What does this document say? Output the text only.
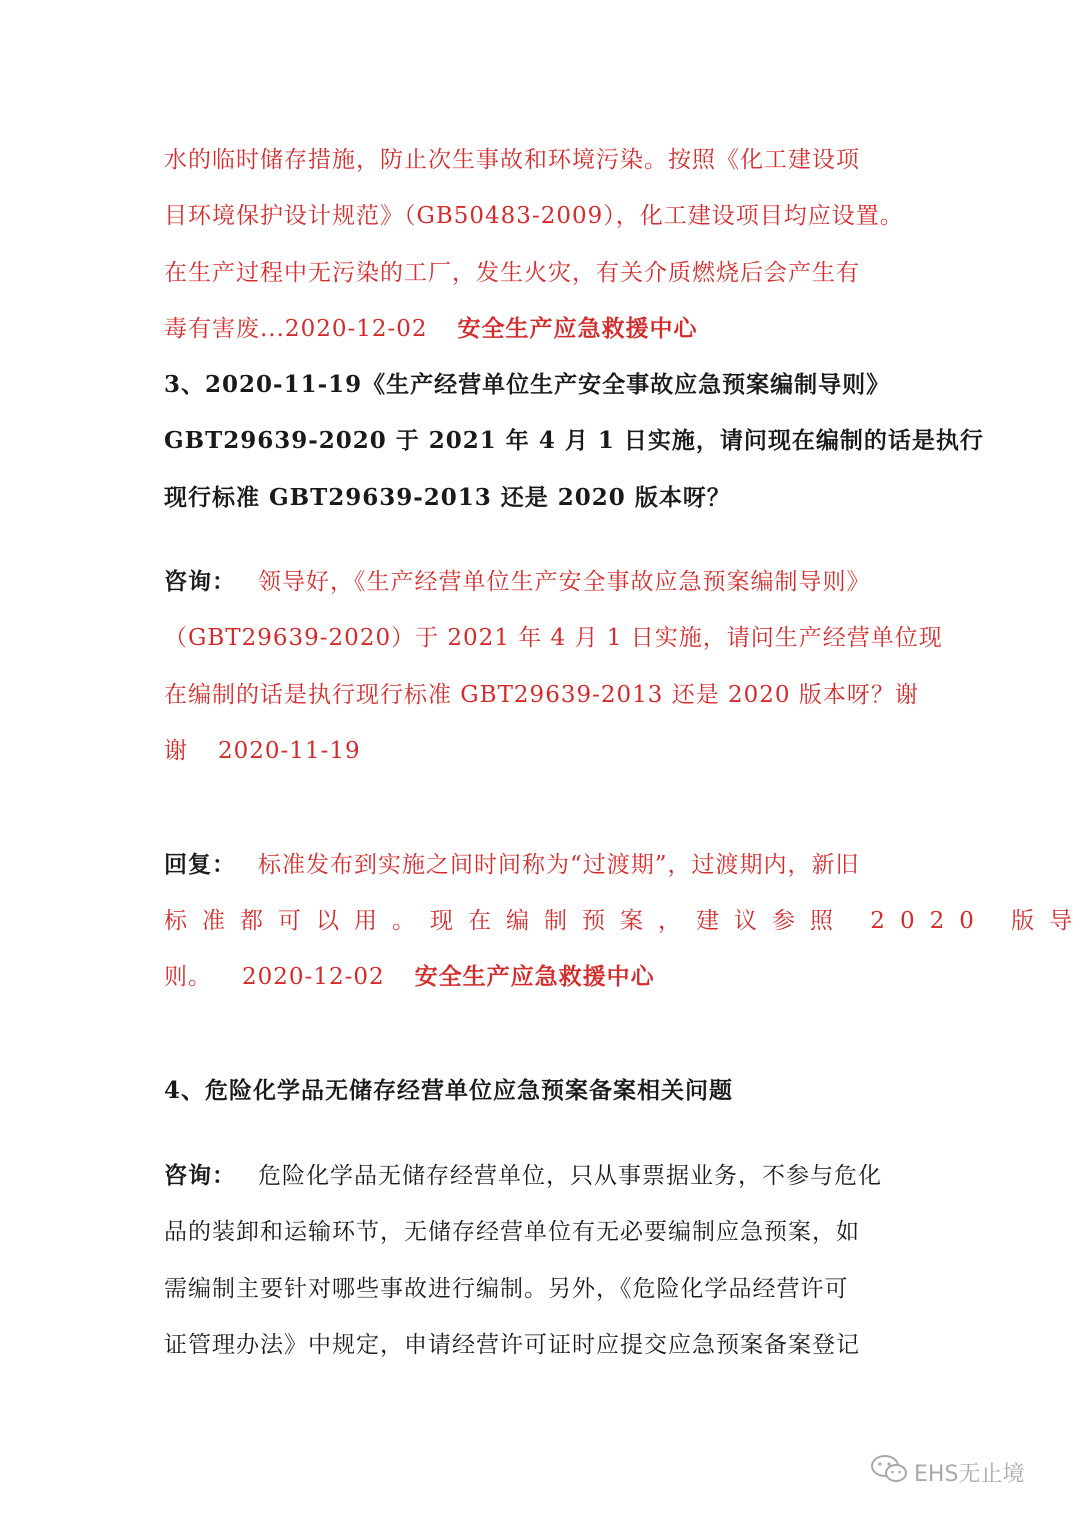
水的临时储存措施，防止次生事故和环境污染。按照《化工建设项
目环境保护设计规范》（GB50483-2009），化工建设项目均应设置。
在生产过程中无污染的工厂，发生火灾，有关介质燃烧后会产生有
毒有害废...2020-12-02 安全生产应急救援中心
3、2020-11-19《生产经营单位生产安全事故应急预案编制导则》
GBT29639-2020 于 2021 年 4 月 1 日实施，请问现在编制的话是执行
现行标准 GBT29639-2013 还是 2020 版本呀？
咨询： 领导好，《生产经营单位生产安全事故应急预案编制导则》
（GBT29639-2020）于 2021 年 4 月 1 日实施，请问生产经营单位现
在编制的话是执行现行标准 GBT29639-2013 还是 2020 版本呀？谢
谢 2020-11-19
回复： 标准发布到实施之间时间称为“过渡期”，过渡期内，新旧
标准都可以用。现在编制预案，建议参照 2020 版导
则。 2020-12-02 安全生产应急救援中心
4、危险化学品无储存经营单位应急预案备案相关问题
咨询： 危险化学品无储存经营单位，只从事票据业务，不参与危化
品的装卸和运输环节，无储存经营单位有无必要编制应急预案，如
需编制主要针对哪些事故进行编制。另外，《危险化学品经营许可
证管理办法》中规定，申请经营许可证时应提交应急预案备案登记
EHS无止境
